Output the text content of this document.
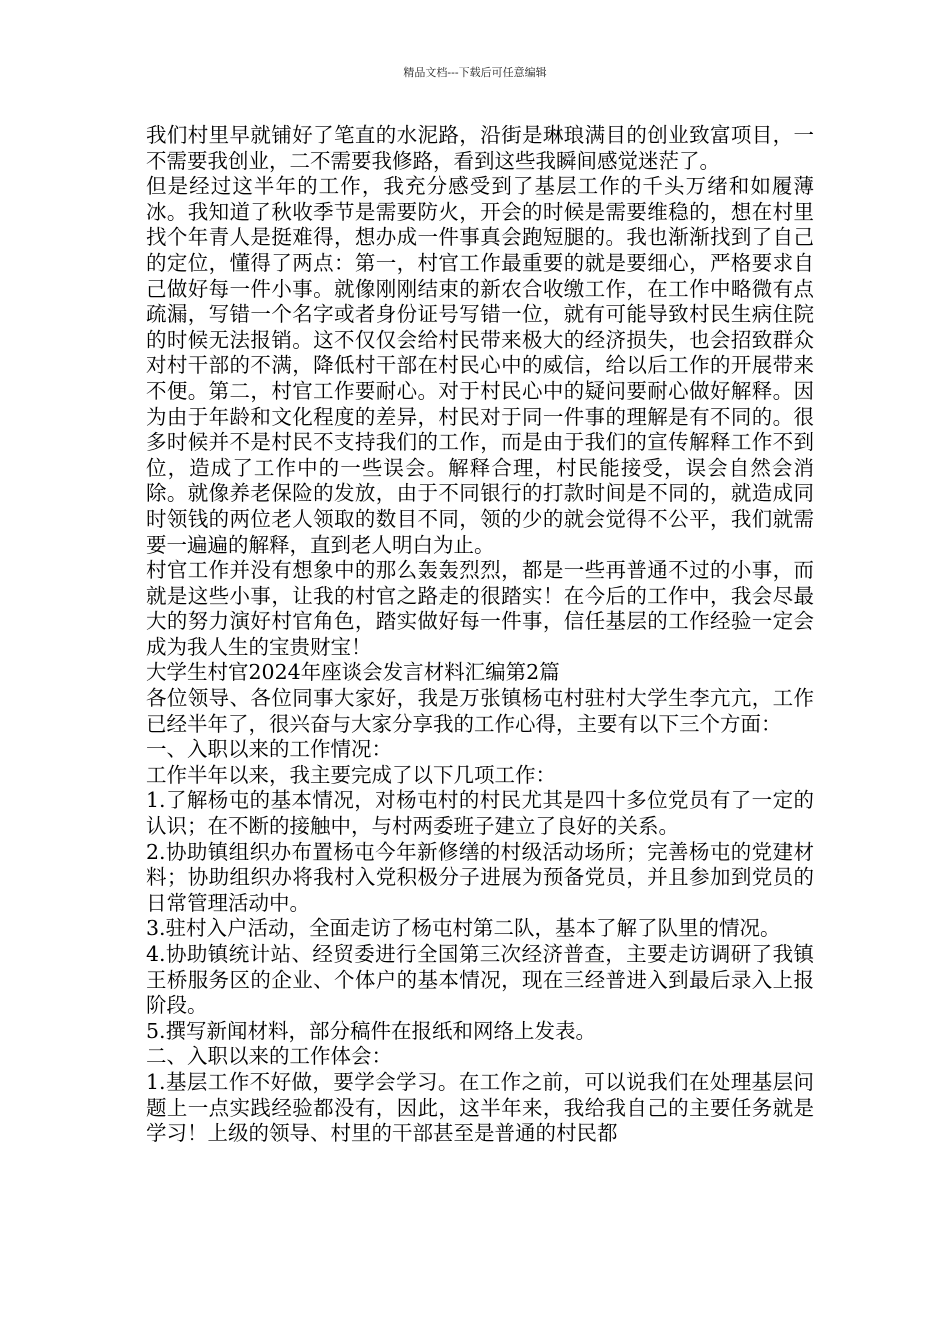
精品文档---下载后可任意编辑

我们村里早就铺好了笔直的水泥路，沿街是琳琅满目的创业致富项目，一不需要我创业，二不需要我修路，看到这些我瞬间感觉迷茫了。

但是经过这半年的工作，我充分感受到了基层工作的千头万绪和如履薄冰。我知道了秋收季节是需要防火，开会的时候是需要维稳的，想在村里找个年青人是挺难得，想办成一件事真会跑短腿的。我也渐渐找到了自己的定位，懂得了两点：第一，村官工作最重要的就是要细心，严格要求自己做好每一件小事。就像刚刚结束的新农合收缴工作，在工作中略微有点疏漏，写错一个名字或者身份证号写错一位，就有可能导致村民生病住院的时候无法报销。这不仅仅会给村民带来极大的经济损失，也会招致群众对村干部的不满，降低村干部在村民心中的威信，给以后工作的开展带来不便。第二，村官工作要耐心。对于村民心中的疑问要耐心做好解释。因为由于年龄和文化程度的差异，村民对于同一件事的理解是有不同的。很多时候并不是村民不支持我们的工作，而是由于我们的宣传解释工作不到位，造成了工作中的一些误会。解释合理，村民能接受，误会自然会消除。就像养老保险的发放，由于不同银行的打款时间是不同的，就造成同时领钱的两位老人领取的数目不同，领的少的就会觉得不公平，我们就需要一遍遍的解释，直到老人明白为止。

村官工作并没有想象中的那么轰轰烈烈，都是一些再普通不过的小事，而就是这些小事，让我的村官之路走的很踏实！在今后的工作中，我会尽最大的努力演好村官角色，踏实做好每一件事，信任基层的工作经验一定会成为我人生的宝贵财宝！

大学生村官2024年座谈会发言材料汇编第2篇

各位领导、各位同事大家好，我是万张镇杨屯村驻村大学生李亢亢，工作已经半年了，很兴奋与大家分享我的工作心得，主要有以下三个方面：

一、入职以来的工作情况：

工作半年以来，我主要完成了以下几项工作：

1.了解杨屯的基本情况，对杨屯村的村民尤其是四十多位党员有了一定的认识；在不断的接触中，与村两委班子建立了良好的关系。

2.协助镇组织办布置杨屯今年新修缮的村级活动场所；完善杨屯的党建材料；协助组织办将我村入党积极分子进展为预备党员，并且参加到党员的日常管理活动中。

3.驻村入户活动，全面走访了杨屯村第二队，基本了解了队里的情况。

4.协助镇统计站、经贸委进行全国第三次经济普查，主要走访调研了我镇王桥服务区的企业、个体户的基本情况，现在三经普进入到最后录入上报阶段。

5.撰写新闻材料，部分稿件在报纸和网络上发表。

二、入职以来的工作体会：

1.基层工作不好做，要学会学习。在工作之前，可以说我们在处理基层问题上一点实践经验都没有，因此，这半年来，我给我自己的主要任务就是学习！上级的领导、村里的干部甚至是普通的村民都
